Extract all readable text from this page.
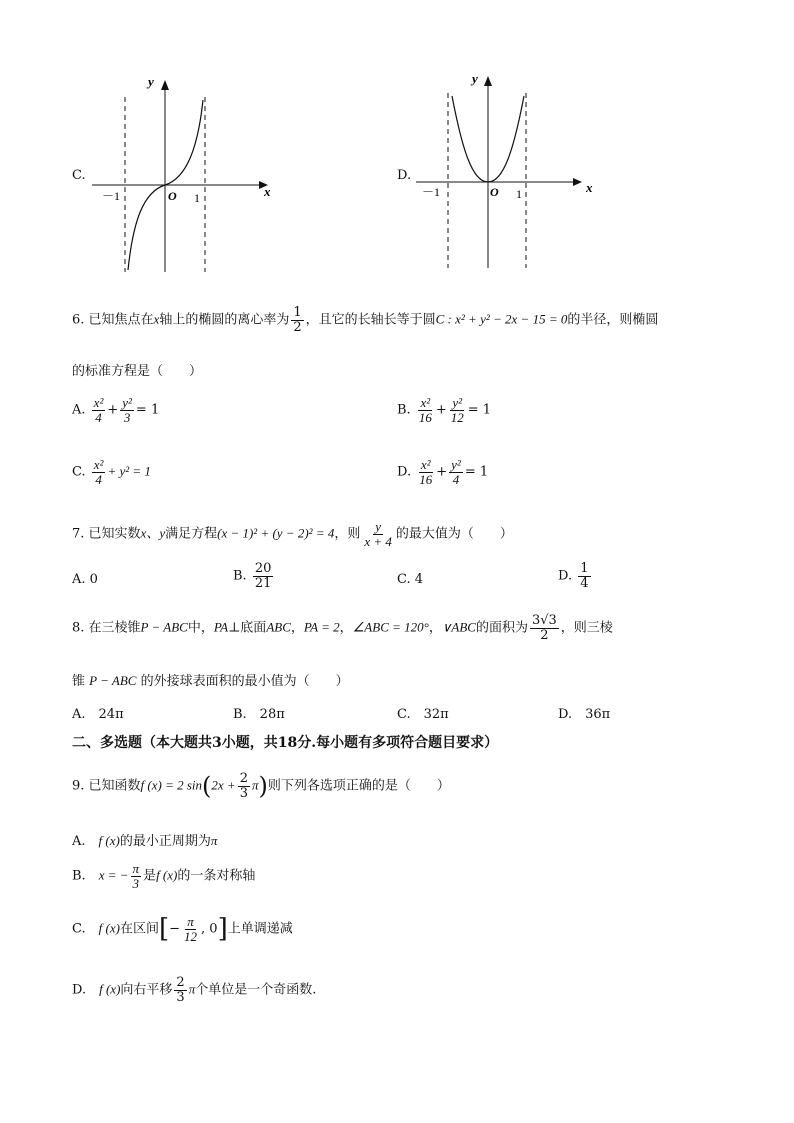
C.
y
x
O
－1	1
D.
y
x
O
－1	1
6. 已知焦点在x轴上的椭圆的离心率为 $\frac{1}{2}$ ，且它的长轴长等于圆C : x² + y² − 2x − 15 = 0的半径，则椭圆
的标准方程是（　　）
A. $\frac{\text{x²}}{4} + \frac{\text{y²}}{3} = 1$	B. $\frac{\text{x²}}{16} + \frac{\text{y²}}{12} = 1$
C. $\frac{\text{x²}}{4} + y^2 = 1$	D. $\frac{\text{x²}}{16} + \frac{\text{y²}}{4} = 1$
7. 已知实数x、y满足方程(x − 1)² + (y − 2)² = 4，则 $\frac{y}{x + 4}$ 的最大值为（　　）
A. 0	B. $\frac{20}{21}$	C. 4	D. $\frac{1}{4}$
8. 在三棱锥P − ABC中，PA⊥底面ABC，PA = 2，∠ABC = 120°，∨ABC的面积为 $\frac{3√3}{2}$ ，则三棱
锥 P − ABC 的外接球表面积的最小值为（　　）
A.　24π	B.　28π	C.　32π	D.　36π
二、多选题（本大题共3小题，共18分.每小题有多项符合题目要求）
9. 已知函数f (x) = 2 $\sin(2x + \frac{2}{3} \pi)$则下列各选项正确的是（　　）
A.　 f (x)的最小正周期为π
B.　 x = − $\frac{\pi}{3}$ 是f (x)的一条对称轴
C.　 f (x)在区间[− $\frac{\pi}{12}$ , 0]上单调递减
D.　 f (x)向右平移 $\frac{2}{3}$ π个单位是一个奇函数.
